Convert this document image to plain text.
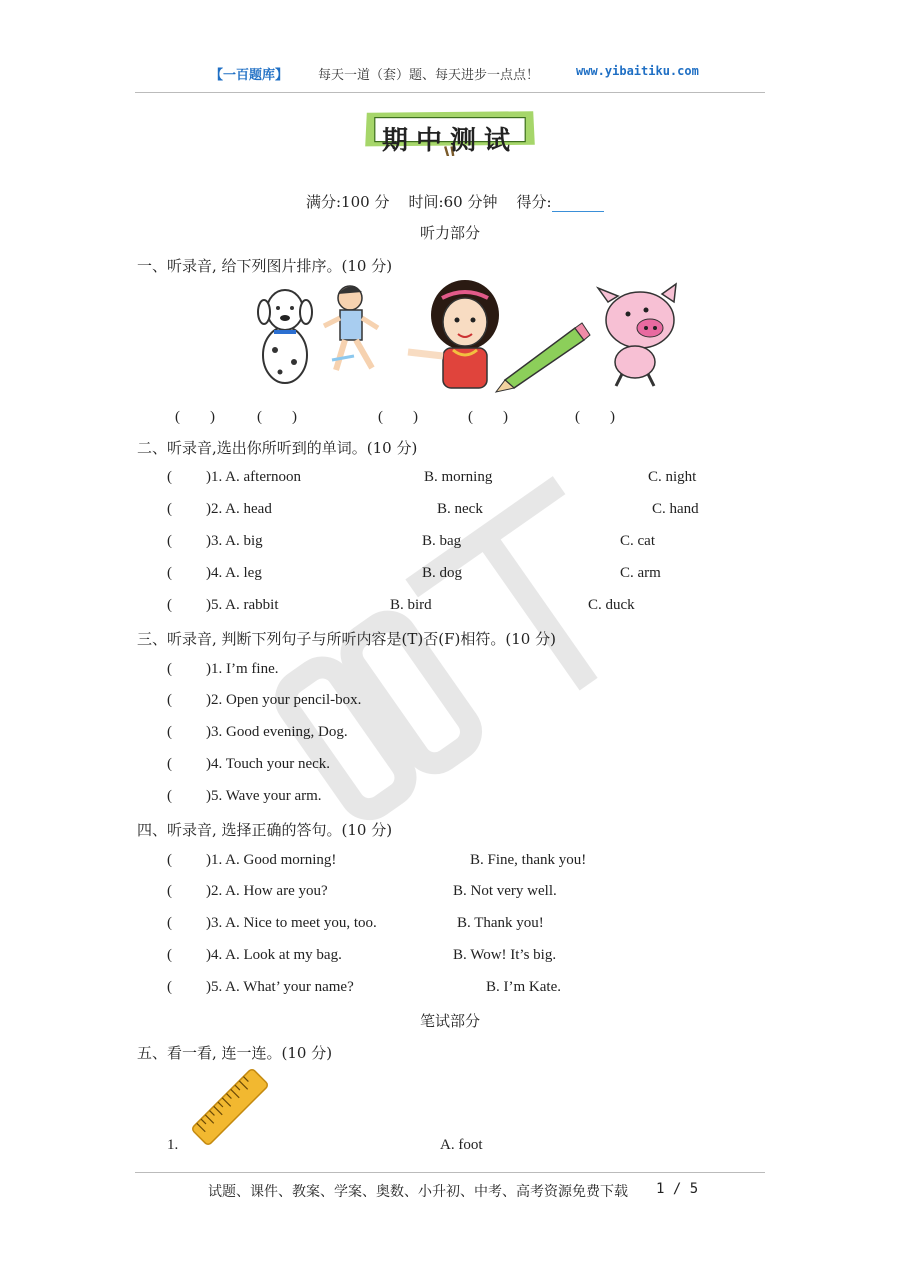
【一百题库】 每天一道（套）题、每天进步一点点！	www.yibaitiku.com
期中测试
满分:100 分 时间:60 分钟 得分:
听力部分
一、听录音, 给下列图片排序。(10 分)
(　　)	(　　)	(　　)	(　　)	(　　)
二、听录音,选出你所听到的单词。(10 分)
( )1. A. afternoon	B. morning	C. night
( )2. A. head	B. neck	C. hand
( )3. A. big	B. bag	C. cat
( )4. A. leg	B. dog	C. arm
( )5. A. rabbit	B. bird	C. duck
三、听录音, 判断下列句子与所听内容是(T)否(F)相符。(10 分)
( )1. I’m fine.
( )2. Open your pencil-box.
( )3. Good evening, Dog.
( )4. Touch your neck.
( )5. Wave your arm.
四、听录音, 选择正确的答句。(10 分)
( )1. A. Good morning!	B. Fine, thank you!
( )2. A. How are you?	B. Not very well.
( )3. A. Nice to meet you, too.	B. Thank you!
( )4. A. Look at my bag.	B. Wow! It’s big.
( )5. A. What’ your name?	B. I’m Kate.
笔试部分
五、看一看, 连一连。(10 分)
1.	A. foot
试题、课件、教案、学案、奥数、小升初、中考、高考资源免费下载 1 / 5
